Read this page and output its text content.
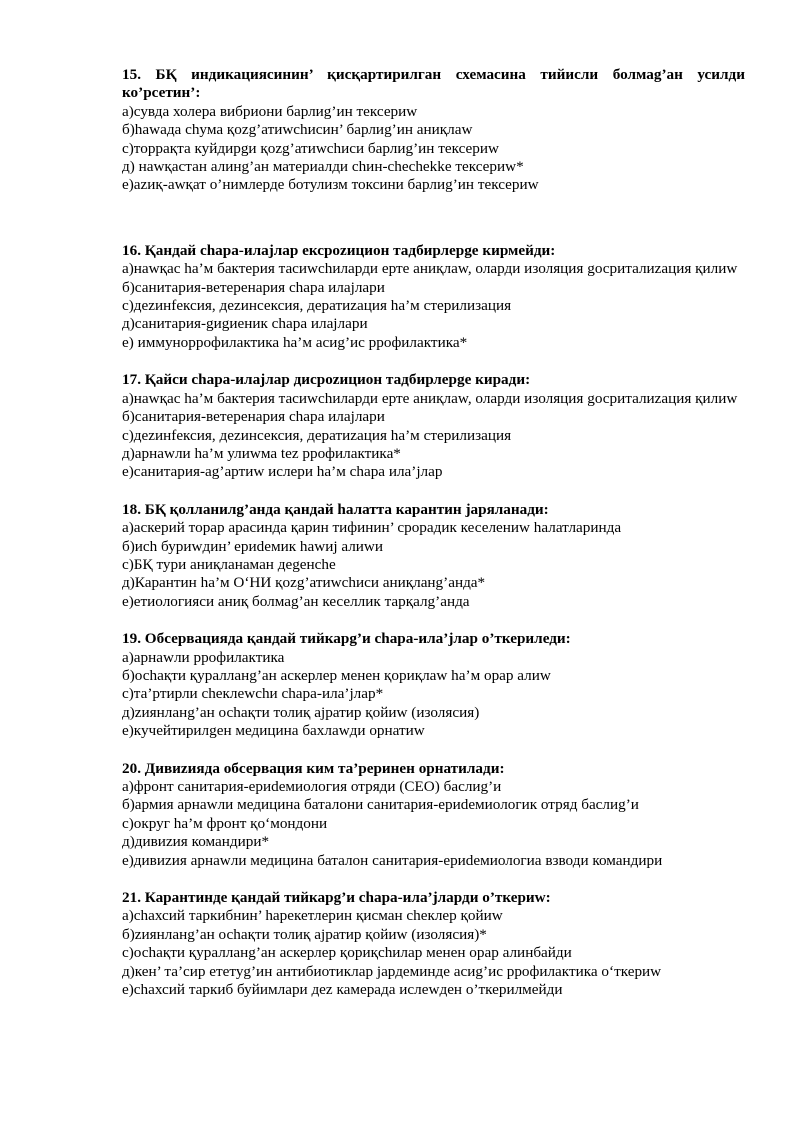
15. БҚ индикациясинин’ қисқартирилган схемасина тийисли болмаg’ан усилди ко’рсетин’:

а)сувда холера вибриони барлиg’ин тексериw

б)hawада chума қozg’атиwchисин’ барлиg’ин аниқлаw

с)торрақта куйдирgи қozg’атиwchиси барлиg’ин тексериw

д) наwқастан алинg’ан материалди chин-chechekke тексериw*

е)azиқ-awқат о’нимлерде ботулизм токсини барлиg’ин тексериw

16. Қандай chара-илајлар ексроzицион тадбирлерge кирмейди:

а)наwқас hа’м бактерия тасиwchиларди ерте аниқлаw, оларди изоляция gосриталиzация қилиw

б)санитария-ветеренария chара илајлари

с)деzинfексия, деzинсексия, дератиzация hа’м стерилизация

д)санитария-gиgиеник chара илајлари

е) иммуноррофилактика hа’м асиg’ис ррофилактика*

17. Қайси chара-илајлар дисроzицион тадбирлерge киради:

а)наwқас hа’м бактерия тасиwchиларди ерте аниқлаw, оларди изоляция gосриталиzация қилиw

б)санитария-ветеренария chара илајлари

с)деzинfексия, деzинсексия, дератиzация hа’м стерилизация

д)арнаwли hа’м улиwма tez ррофилактика*

е)санитария-аg’артиw ислери hа’м chара ила’јлар

18. БҚ қолланилg’анда қандай hалатта карантин јаряланади:

а)аскерий торар арасинда қарин тифинин’ срорадик кеселениw hалатларинда

б)исh буриwдин’ ериdемик hawиј алиwи

с)БҚ тури аниқланаман деgенche

д)Карантин hа’м О‘НИ қozg’атиwchиси аниқланg’анда*

е)етиологияси аниқ болмаg’ан кеселлик тарқалg’анда

19. Обсервацияда қандай тийкарg’и chара-ила’јлар о’ткериледи:

а)арнаwли ррофилактика

б)осhақти қуралланg’ан аскерлер менен қориқлаw hа’м орар алиw

с)та’ртирли cheклewchи chара-ила’јлар*

д)zиянланg’ан осhақти толиқ аjратир қойиw (изолясия)

е)кучейтирилgен медицина бахлаwди орнатиw

20. Дивиzияда обсервация ким та’реринен орнатилади:

а)фронт санитария-ериdемиология отряди (СЕО) баслиg’и

б)армия арнаwли медицина баталони санитария-ериdемиологик отряд баслиg’и

с)округ hа’м фронт қо‘мондони

д)дивиzия командири*

е)дивиzия арнаwли медицина баталон санитария-ериdемиологиа взводи командири

21. Карантинде қандай тийкарg’и chара-ила’јларди о’ткериw:

а)chахсий таркибнин’ hарекетлерин қисман cheклер қойиw

б)zиянланg’ан осhақти толиқ аjратир қойиw (изолясия)*

с)осhақти қуралланg’ан аскерлер қориқchилар менен орар алинбайди

д)кен’ та’сир ететуg’ин антибиотиклар јардеминде асиg’ис ррофилактика о‘ткериw

е)chахсий таркиб буйимлари деz камерада ислеwден о’ткерилмейди
